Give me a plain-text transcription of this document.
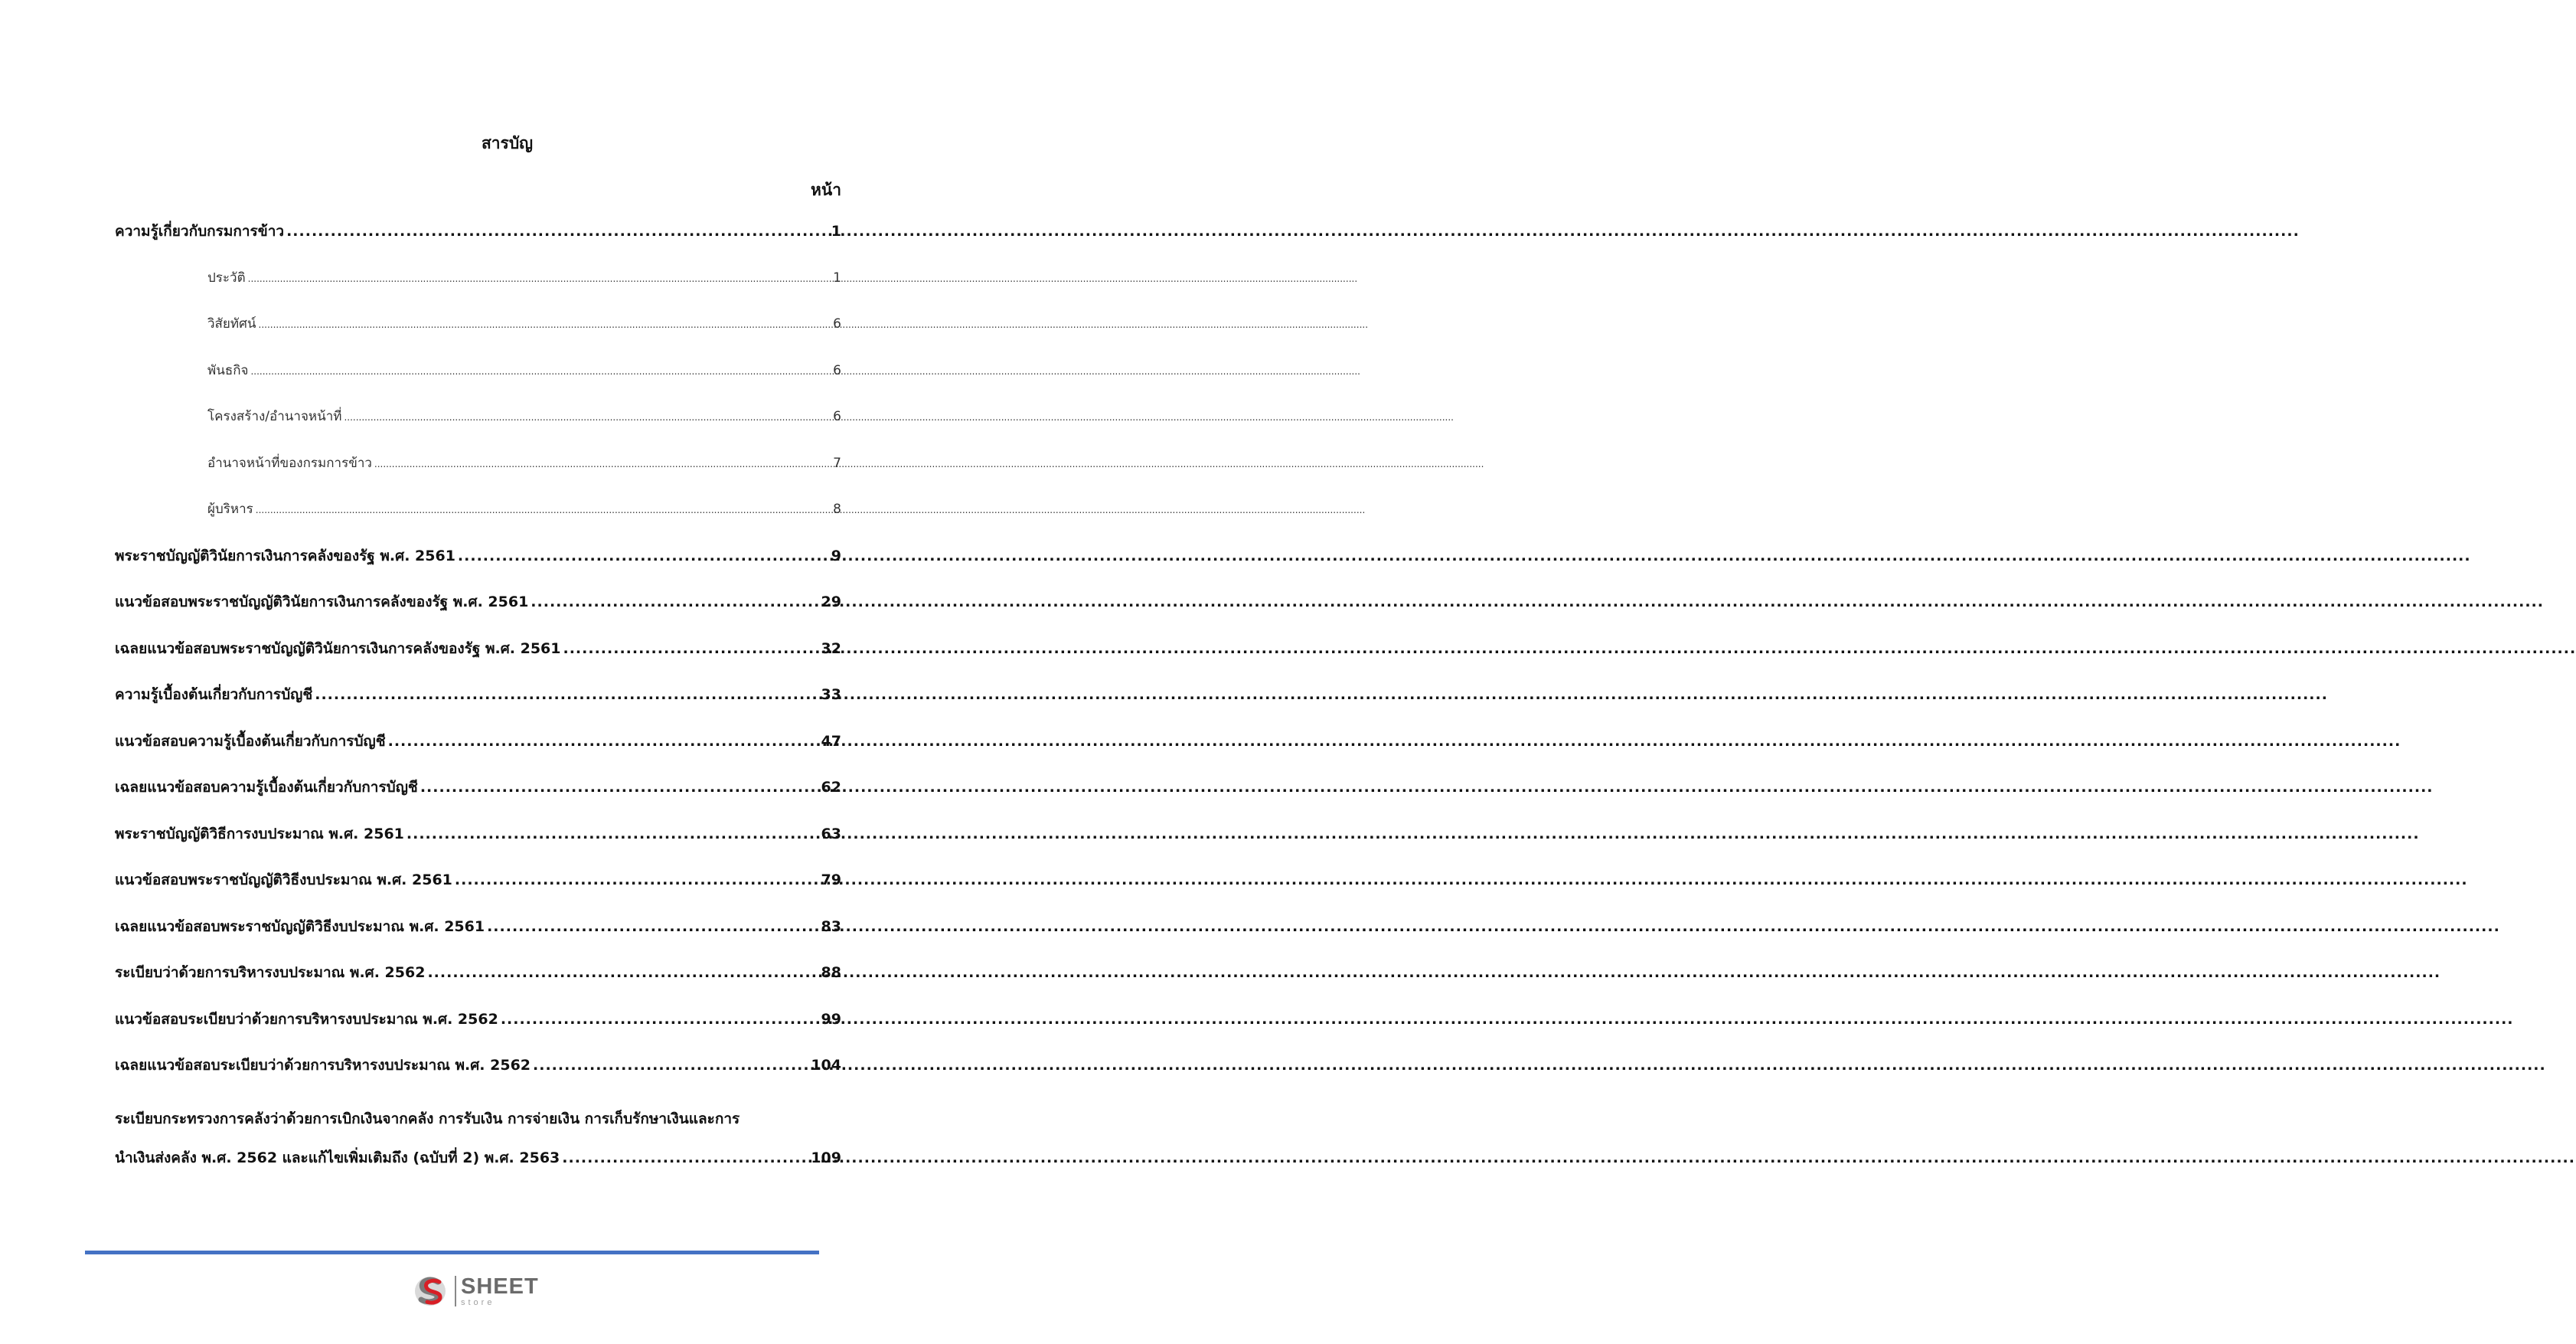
สารบัญ
หน้า
ความรู้เกี่ยวกับกรมการข้าว .....	1
ประวัติ .....	1
วิสัยทัศน์ .....	6
พันธกิจ .....	6
โครงสร้าง/อำนาจหน้าที่ .....	6
อำนาจหน้าที่ของกรมการข้าว .....	7
ผู้บริหาร .....	8
พระราชบัญญัติวินัยการเงินการคลังของรัฐ พ.ศ. 2561 .....	9
แนวข้อสอบพระราชบัญญัติวินัยการเงินการคลังของรัฐ พ.ศ. 2561 .....	29
เฉลยแนวข้อสอบพระราชบัญญัติวินัยการเงินการคลังของรัฐ พ.ศ. 2561 .....	32
ความรู้เบื้องต้นเกี่ยวกับการบัญชี .....	33
แนวข้อสอบความรู้เบื้องต้นเกี่ยวกับการบัญชี .....	47
เฉลยแนวข้อสอบความรู้เบื้องต้นเกี่ยวกับการบัญชี .....	62
พระราชบัญญัติวิธีการงบประมาณ พ.ศ. 2561 .....	63
แนวข้อสอบพระราชบัญญัติวิธีงบประมาณ พ.ศ. 2561 .....	79
เฉลยแนวข้อสอบพระราชบัญญัติวิธีงบประมาณ พ.ศ. 2561 .....	83
ระเบียบว่าด้วยการบริหารงบประมาณ พ.ศ. 2562 .....	88
แนวข้อสอบระเบียบว่าด้วยการบริหารงบประมาณ พ.ศ. 2562 .....	99
เฉลยแนวข้อสอบระเบียบว่าด้วยการบริหารงบประมาณ พ.ศ. 2562 .....	104
ระเบียบกระทรวงการคลังว่าด้วยการเบิกเงินจากคลัง การรับเงิน การจ่ายเงิน การเก็บรักษาเงินและการ
นำเงินส่งคลัง พ.ศ. 2562 และแก้ไขเพิ่มเติมถึง (ฉบับที่ 2) พ.ศ. 2563 .....	109
SHEET
store
